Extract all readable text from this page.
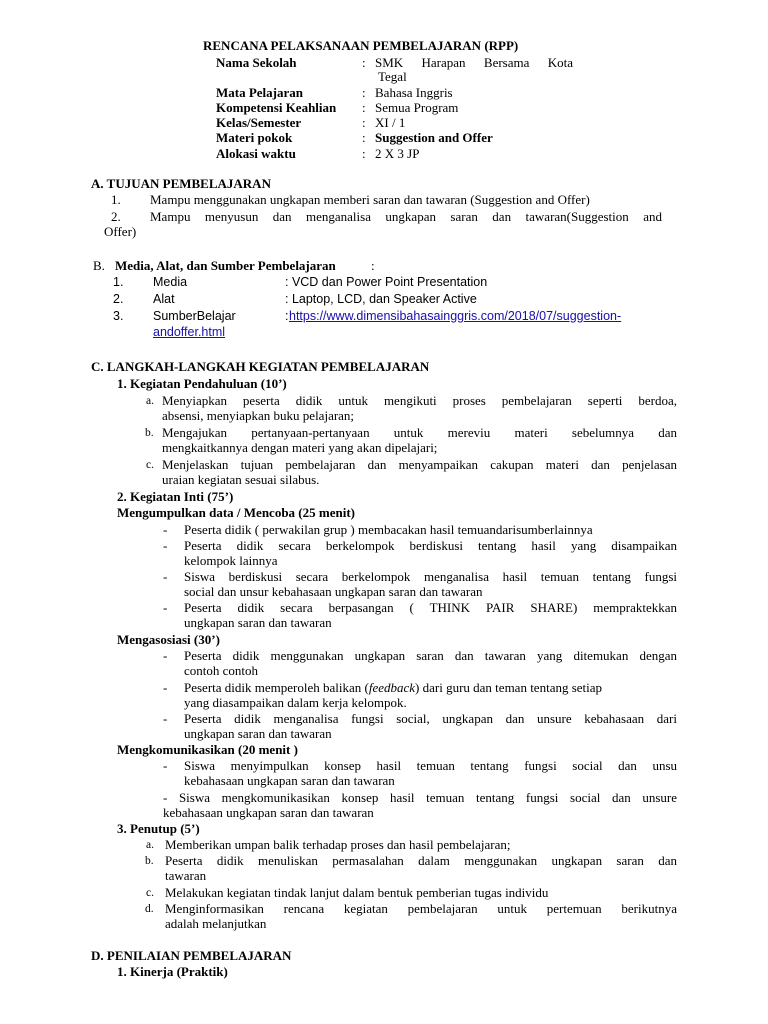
RENCANA PELAKSANAAN PEMBELAJARAN (RPP)
Nama Sekolah	: SMK Harapan Bersama Kota
Tegal
Mata Pelajaran	: Bahasa Inggris
Kompetensi Keahlian : Semua Program
Kelas/Semester	: XI / 1
Materi pokok	: Suggestion and Offer
Alokasi waktu	: 2 X 3 JP
A. TUJUAN PEMBELAJARAN
1. Mampu menggunakan ungkapan memberi saran dan tawaran (Suggestion and Offer)
2. Mampu menyusun dan menganalisa ungkapan saran dan tawaran(Suggestion and
Offer)
B. Media, Alat, dan Sumber Pembelajaran	:
1. Media	: VCD dan Power Point Presentation
2. Alat	: Laptop, LCD, dan Speaker Active
3. SumberBelajar	: https://www.dimensibahasainggris.com/2018/07/suggestion-
andoffer.html
C. LANGKAH-LANGKAH KEGIATAN PEMBELAJARAN
1. Kegiatan Pendahuluan (10’)
a. Menyiapkan peserta didik untuk mengikuti proses pembelajaran seperti berdoa,
absensi, menyiapkan buku pelajaran;
b. Mengajukan pertanyaan-pertanyaan untuk mereviu materi sebelumnya dan
mengkaitkannya dengan materi yang akan dipelajari;
c. Menjelaskan tujuan pembelajaran dan menyampaikan cakupan materi dan penjelasan
uraian kegiatan sesuai silabus.
2. Kegiatan Inti (75’)
Mengumpulkan data / Mencoba (25 menit)
- Peserta didik ( perwakilan grup ) membacakan hasil temuandarisumberlainnya
- Peserta didik secara berkelompok berdiskusi tentang hasil yang disampaikan
kelompok lainnya
- Siswa berdiskusi secara berkelompok menganalisa hasil temuan tentang fungsi
social dan unsur kebahasaan ungkapan saran dan tawaran
- Peserta didik secara berpasangan ( THINK PAIR SHARE) mempraktekkan
ungkapan saran dan tawaran
Mengasosiasi (30’)
- Peserta didik menggunakan ungkapan saran dan tawaran yang ditemukan dengan
contoh contoh
- Peserta didik memperoleh balikan (feedback) dari guru dan teman tentang setiap
yang diasampaikan dalam kerja kelompok.
- Peserta didik menganalisa fungsi social, ungkapan dan unsure kebahasaan dari
ungkapan saran dan tawaran
Mengkomunikasikan (20 menit )
- Siswa menyimpulkan konsep hasil temuan tentang fungsi social dan unsu
kebahasaan ungkapan saran dan tawaran
- Siswa mengkomunikasikan konsep hasil temuan tentang fungsi social dan unsure
kebahasaan ungkapan saran dan tawaran
3. Penutup (5’)
a. Memberikan umpan balik terhadap proses dan hasil pembelajaran;
b. Peserta didik menuliskan permasalahan dalam menggunakan ungkapan saran dan
tawaran
c. Melakukan kegiatan tindak lanjut dalam bentuk pemberian tugas individu
d. Menginformasikan rencana kegiatan pembelajaran untuk pertemuan berikutnya
adalah melanjutkan
D. PENILAIAN PEMBELAJARAN
1. Kinerja (Praktik)
